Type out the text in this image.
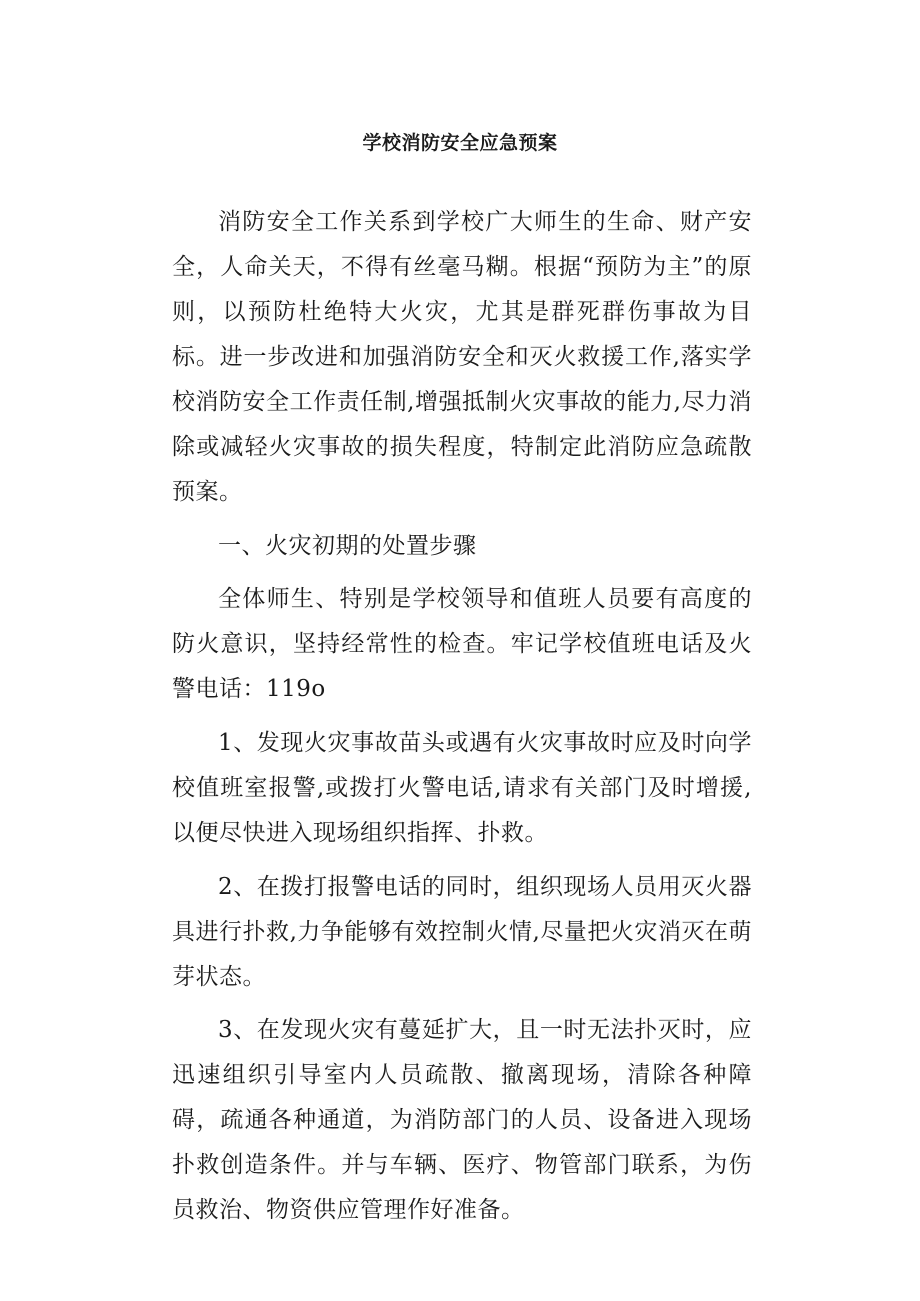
学校消防安全应急预案

消防安全工作关系到学校广大师生的生命、财产安全，人命关天，不得有丝毫马糊。根据“预防为主”的原则，以预防杜绝特大火灾，尤其是群死群伤事故为目标。进一步改进和加强消防安全和灭火救援工作,落实学校消防安全工作责任制,增强抵制火灾事故的能力,尽力消除或减轻火灾事故的损失程度，特制定此消防应急疏散预案。

一、火灾初期的处置步骤

全体师生、特别是学校领导和值班人员要有高度的防火意识，坚持经常性的检查。牢记学校值班电话及火警电话：119o

1、发现火灾事故苗头或遇有火灾事故时应及时向学校值班室报警,或拨打火警电话,请求有关部门及时增援,以便尽快进入现场组织指挥、扑救。

2、在拨打报警电话的同时，组织现场人员用灭火器具进行扑救,力争能够有效控制火情,尽量把火灾消灭在萌芽状态。

3、在发现火灾有蔓延扩大，且一时无法扑灭时，应迅速组织引导室内人员疏散、撤离现场，清除各种障碍，疏通各种通道，为消防部门的人员、设备进入现场扑救创造条件。并与车辆、医疗、物管部门联系，为伤员救治、物资供应管理作好准备。
